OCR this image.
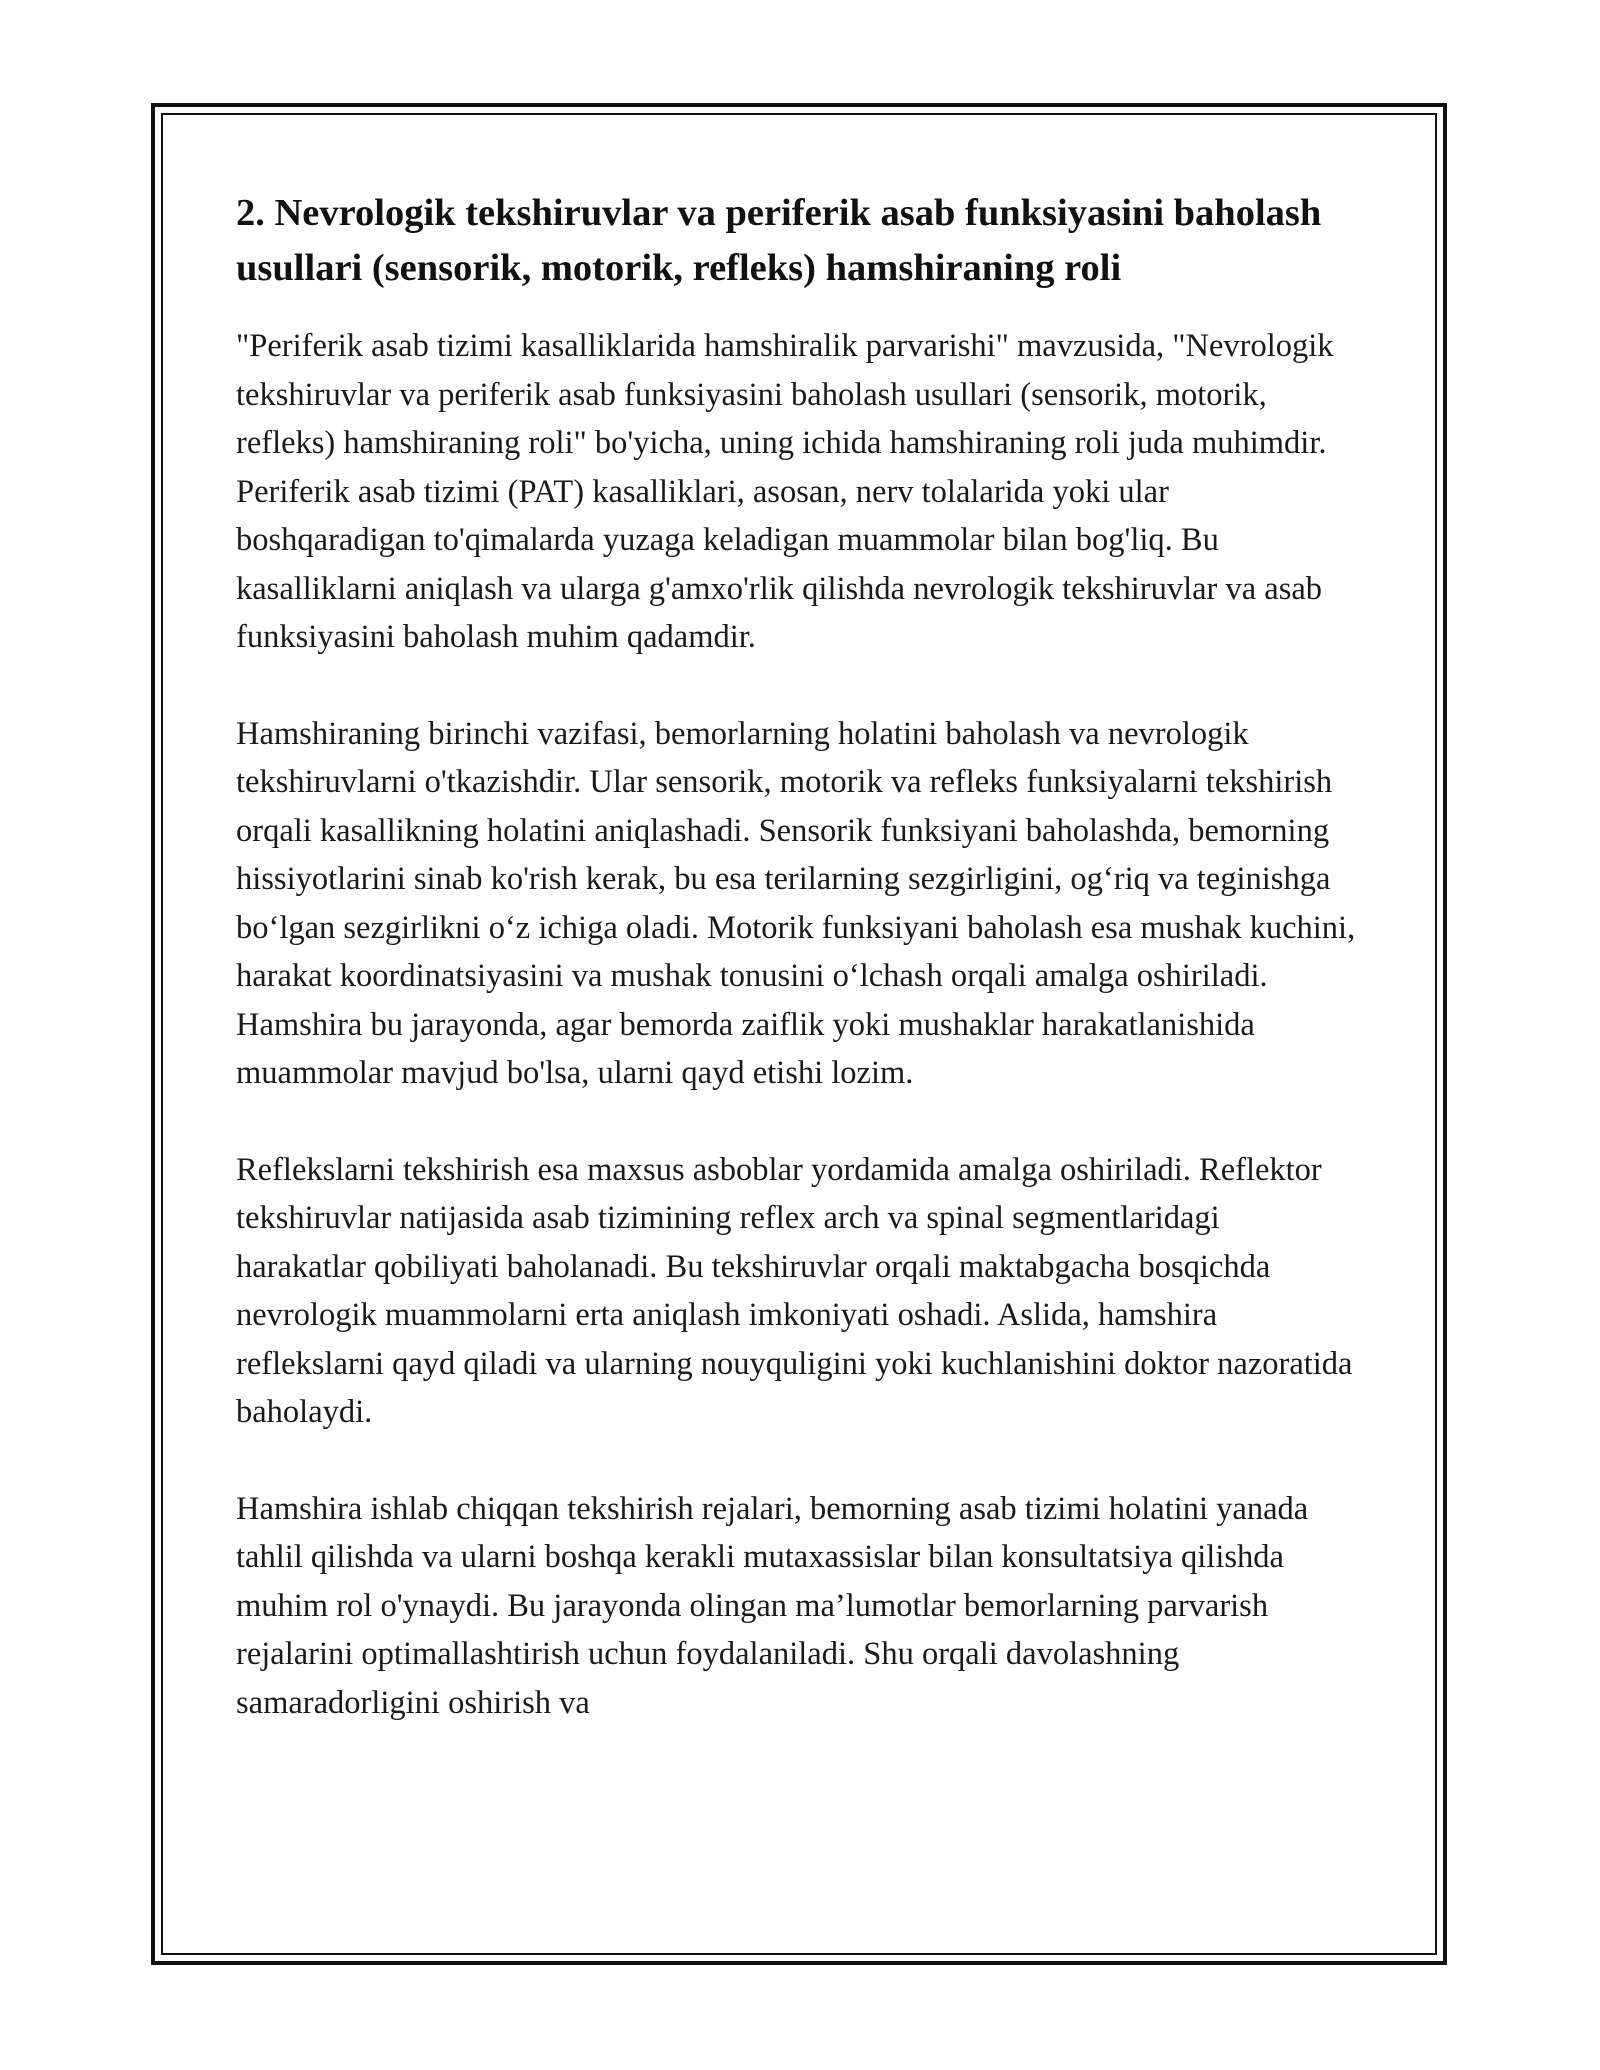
2. Nevrologik tekshiruvlar va periferik asab funksiyasini baholash usullari (sensorik, motorik, refleks) hamshiraning roli

"Periferik asab tizimi kasalliklarida hamshiralik parvarishi" mavzusida, "Nevrologik tekshiruvlar va periferik asab funksiyasini baholash usullari (sensorik, motorik, refleks) hamshiraning roli" bo'yicha, uning ichida hamshiraning roli juda muhimdir. Periferik asab tizimi (PAT) kasalliklari, asosan, nerv tolalarida yoki ular boshqaradigan to'qimalarda yuzaga keladigan muammolar bilan bog'liq. Bu kasalliklarni aniqlash va ularga g'amxo'rlik qilishda nevrologik tekshiruvlar va asab funksiyasini baholash muhim qadamdir.

Hamshiraning birinchi vazifasi, bemorlarning holatini baholash va nevrologik tekshiruvlarni o'tkazishdir. Ular sensorik, motorik va refleks funksiyalarni tekshirish orqali kasallikning holatini aniqlashadi. Sensorik funksiyani baholashda, bemorning hissiyotlarini sinab ko'rish kerak, bu esa terilarning sezgirligini, ogʻriq va teginishga boʻlgan sezgirlikni oʻz ichiga oladi. Motorik funksiyani baholash esa mushak kuchini, harakat koordinatsiyasini va mushak tonusini oʻlchash orqali amalga oshiriladi. Hamshira bu jarayonda, agar bemorda zaiflik yoki mushaklar harakatlanishida muammolar mavjud bo'lsa, ularni qayd etishi lozim.

Reflekslarni tekshirish esa maxsus asboblar yordamida amalga oshiriladi. Reflektor tekshiruvlar natijasida asab tizimining reflex arch va spinal segmentlaridagi harakatlar qobiliyati baholanadi. Bu tekshiruvlar orqali maktabgacha bosqichda nevrologik muammolarni erta aniqlash imkoniyati oshadi. Aslida, hamshira reflekslarni qayd qiladi va ularning nouyquligini yoki kuchlanishini doktor nazoratida baholaydi.

Hamshira ishlab chiqqan tekshirish rejalari, bemorning asab tizimi holatini yanada tahlil qilishda va ularni boshqa kerakli mutaxassislar bilan konsultatsiya qilishda muhim rol o'ynaydi. Bu jarayonda olingan ma’lumotlar bemorlarning parvarish rejalarini optimallashtirish uchun foydalaniladi. Shu orqali davolashning samaradorligini oshirish va
